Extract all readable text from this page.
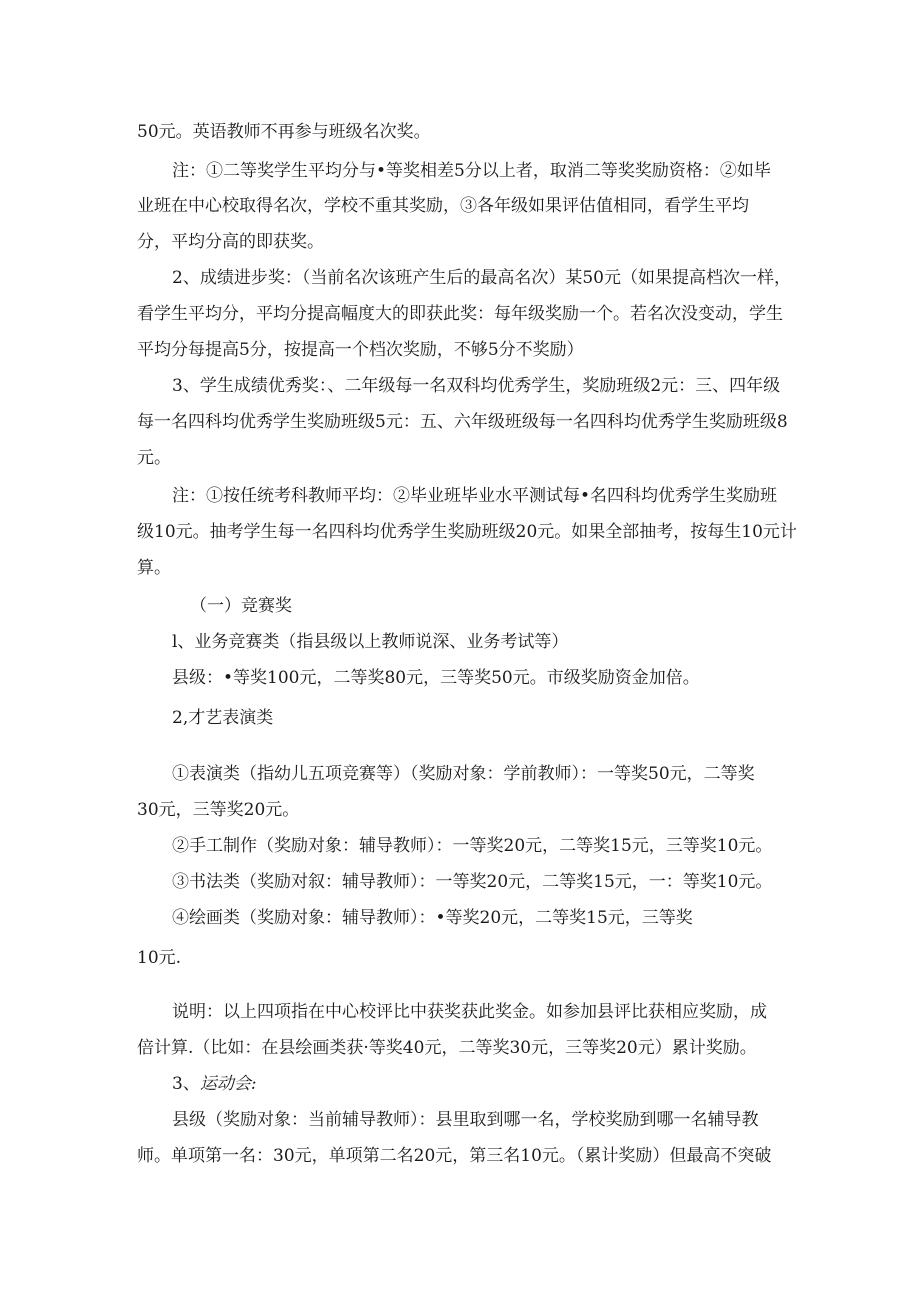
50元。英语教师不再参与班级名次奖。
注：①二等奖学生平均分与•等奖相差5分以上者，取消二等奖奖励资格：②如毕
业班在中心校取得名次，学校不重其奖励，③各年级如果评估值相同，看学生平均
分，平均分高的即获奖。
2、成绩进步奖：（当前名次该班产生后的最高名次）某50元（如果提高档次一样，
看学生平均分，平均分提高幅度大的即获此奖：每年级奖励一个。若名次没变动，学生
平均分每提高5分，按提高一个档次奖励，不够5分不奖励）
3、学生成绩优秀奖：、二年级每一名双科均优秀学生，奖励班级2元：三、四年级
每一名四科均优秀学生奖励班级5元：五、六年级班级每一名四科均优秀学生奖励班级8
元。
注：①按任统考科教师平均：②毕业班毕业水平测试每•名四科均优秀学生奖励班
级10元。抽考学生每一名四科均优秀学生奖励班级20元。如果全部抽考，按每生10元计
算。
（一）竞赛奖
l、业务竞赛类（指县级以上教师说深、业务考试等）
县级：•等奖100元，二等奖80元，三等奖50元。市级奖励资金加倍。
2,才艺表演类
①表演类（指幼儿五项竞赛等）（奖励对象：学前教师）：一等奖50元，二等奖
30元，三等奖20元。
②手工制作（奖励对象：辅导教师）：一等奖20元，二等奖15元，三等奖10元。
③书法类（奖励对叙：辅导教师）：一等奖20元，二等奖15元，一：等奖10元。
④绘画类（奖励对象：辅导教师）：•等奖20元，二等奖15元，三等奖
10元.
说明：以上四项指在中心校评比中获奖获此奖金。如参加县评比获相应奖励，成
倍计算.（比如：在县绘画类获·等奖40元，二等奖30元，三等奖20元）累计奖励。
3、运动会:
县级（奖励对象：当前辅导教师）：县里取到哪一名，学校奖励到哪一名辅导教
师。单项第一名：30元，单项第二名20元，第三名10元。（累计奖励）但最高不突破
